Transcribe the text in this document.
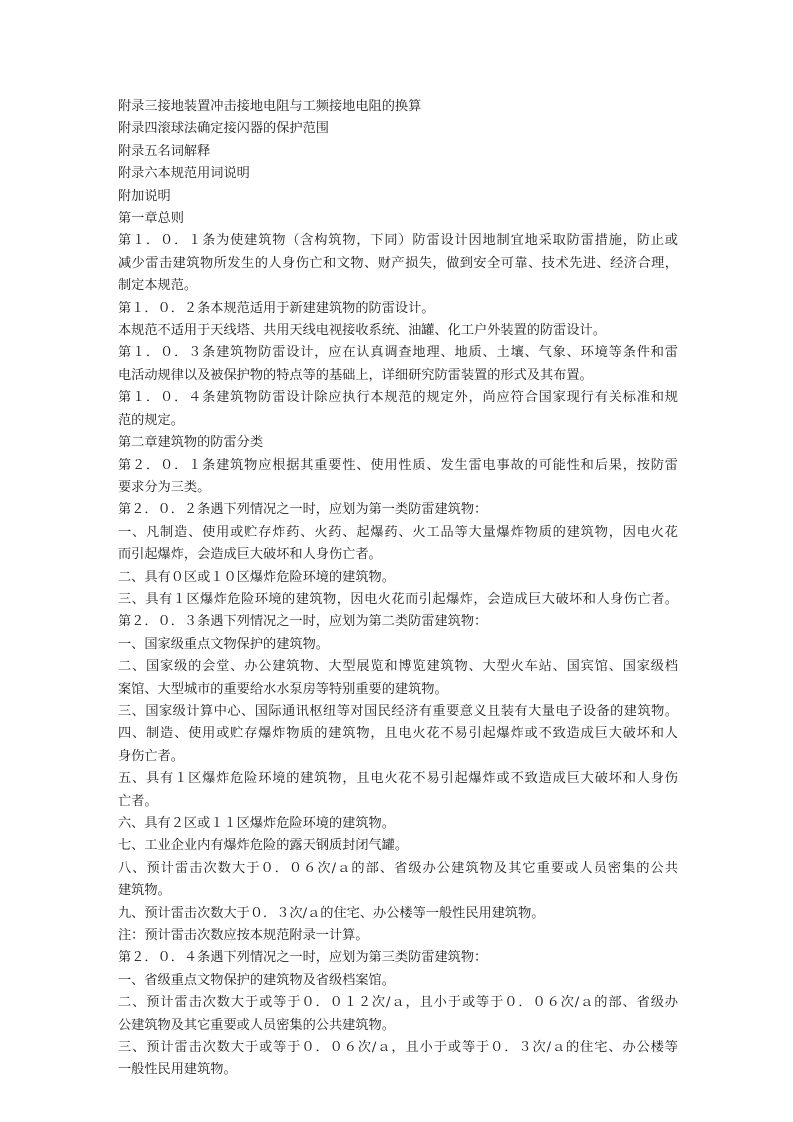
附录三接地装置冲击接地电阻与工频接地电阻的换算

附录四滚球法确定接闪器的保护范围

附录五名词解释

附录六本规范用词说明

附加说明

第一章总则

第１．０．１条为使建筑物（含构筑物，下同）防雷设计因地制宜地采取防雷措施，防止或

减少雷击建筑物所发生的人身伤亡和文物、财产损失，做到安全可靠、技术先进、经济合理，

制定本规范。

第１．０．２条本规范适用于新建建筑物的防雷设计。

本规范不适用于天线塔、共用天线电视接收系统、油罐、化工户外装置的防雷设计。

第１．０．３条建筑物防雷设计，应在认真调查地理、地质、土壤、气象、环境等条件和雷

电活动规律以及被保护物的特点等的基础上，详细研究防雷装置的形式及其布置。

第１．０．４条建筑物防雷设计除应执行本规范的规定外，尚应符合国家现行有关标准和规

范的规定。

第二章建筑物的防雷分类

第２．０．１条建筑物应根据其重要性、使用性质、发生雷电事故的可能性和后果，按防雷

要求分为三类。

第２．０．２条遇下列情况之一时，应划为第一类防雷建筑物：

一、凡制造、使用或贮存炸药、火药、起爆药、火工品等大量爆炸物质的建筑物，因电火花

而引起爆炸，会造成巨大破坏和人身伤亡者。

二、具有０区或１０区爆炸危险环境的建筑物。

三、具有１区爆炸危险环境的建筑物，因电火花而引起爆炸，会造成巨大破坏和人身伤亡者。

第２．０．３条遇下列情况之一时，应划为第二类防雷建筑物：

一、国家级重点文物保护的建筑物。

二、国家级的会堂、办公建筑物、大型展览和博览建筑物、大型火车站、国宾馆、国家级档

案馆、大型城市的重要给水水泵房等特别重要的建筑物。

三、国家级计算中心、国际通讯枢纽等对国民经济有重要意义且装有大量电子设备的建筑物。

四、制造、使用或贮存爆炸物质的建筑物，且电火花不易引起爆炸或不致造成巨大破坏和人

身伤亡者。

五、具有１区爆炸危险环境的建筑物，且电火花不易引起爆炸或不致造成巨大破坏和人身伤

亡者。

六、具有２区或１１区爆炸危险环境的建筑物。

七、工业企业内有爆炸危险的露天钢质封闭气罐。

八、预计雷击次数大于０．０６次/ａ的部、省级办公建筑物及其它重要或人员密集的公共

建筑物。

九、预计雷击次数大于０．３次/ａ的住宅、办公楼等一般性民用建筑物。

注：预计雷击次数应按本规范附录一计算。

第２．０．４条遇下列情况之一时，应划为第三类防雷建筑物：

一、省级重点文物保护的建筑物及省级档案馆。

二、预计雷击次数大于或等于０．０１２次/ａ，且小于或等于０．０６次/ａ的部、省级办

公建筑物及其它重要或人员密集的公共建筑物。

三、预计雷击次数大于或等于０．０６次/ａ，且小于或等于０．３次/ａ的住宅、办公楼等

一般性民用建筑物。
